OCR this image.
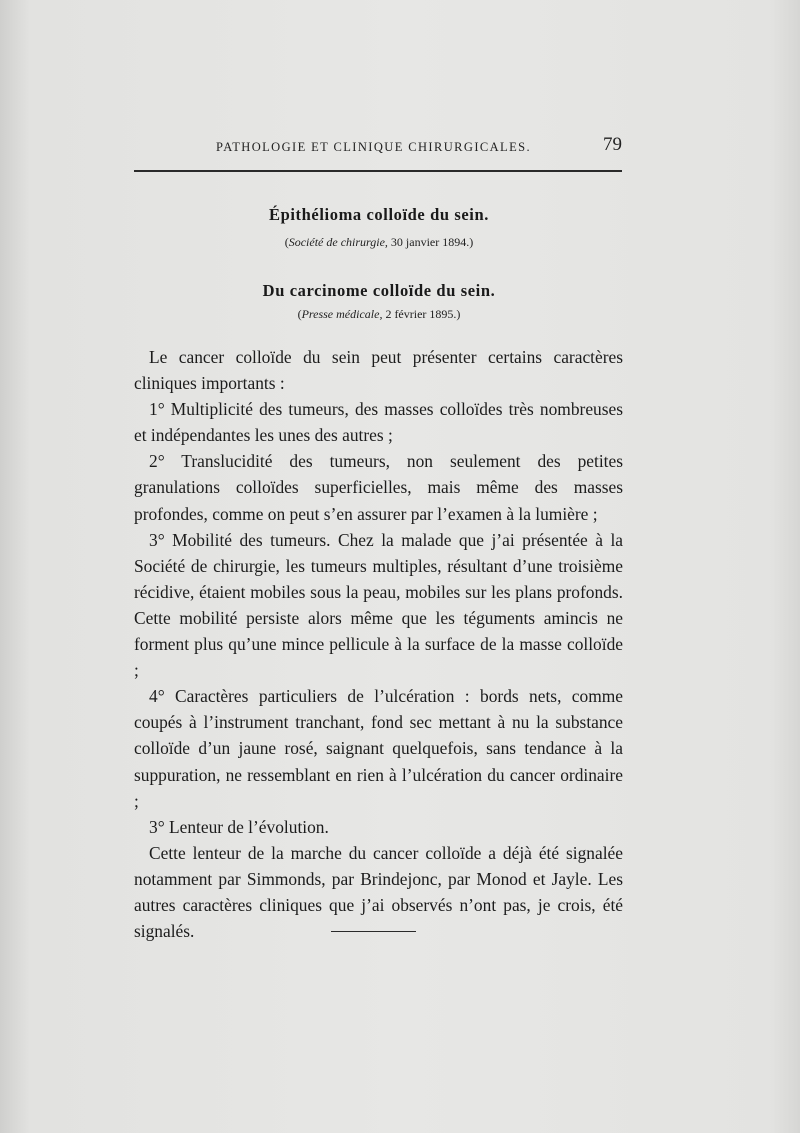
PATHOLOGIE ET CLINIQUE CHIRURGICALES.	79
Épithélioma colloïde du sein.
(Société de chirurgie, 30 janvier 1894.)
Du carcinome colloïde du sein.
(Presse médicale, 2 février 1895.)

Le cancer colloïde du sein peut présenter certains caractères cliniques importants :

1° Multiplicité des tumeurs, des masses colloïdes très nombreuses et indépendantes les unes des autres ;

2° Translucidité des tumeurs, non seulement des petites granulations colloïdes superficielles, mais même des masses profondes, comme on peut s’en assurer par l’examen à la lumière ;

3° Mobilité des tumeurs. Chez la malade que j’ai présentée à la Société de chirurgie, les tumeurs multiples, résultant d’une troisième récidive, étaient mobiles sous la peau, mobiles sur les plans profonds. Cette mobilité persiste alors même que les téguments amincis ne forment plus qu’une mince pellicule à la surface de la masse colloïde ;

4° Caractères particuliers de l’ulcération : bords nets, comme coupés à l’instrument tranchant, fond sec mettant à nu la substance colloïde d’un jaune rosé, saignant quelquefois, sans tendance à la suppuration, ne ressemblant en rien à l’ulcération du cancer ordinaire ;

3° Lenteur de l’évolution.

Cette lenteur de la marche du cancer colloïde a déjà été signalée notamment par Simmonds, par Brindejonc, par Monod et Jayle. Les autres caractères cliniques que j’ai observés n’ont pas, je crois, été signalés.
